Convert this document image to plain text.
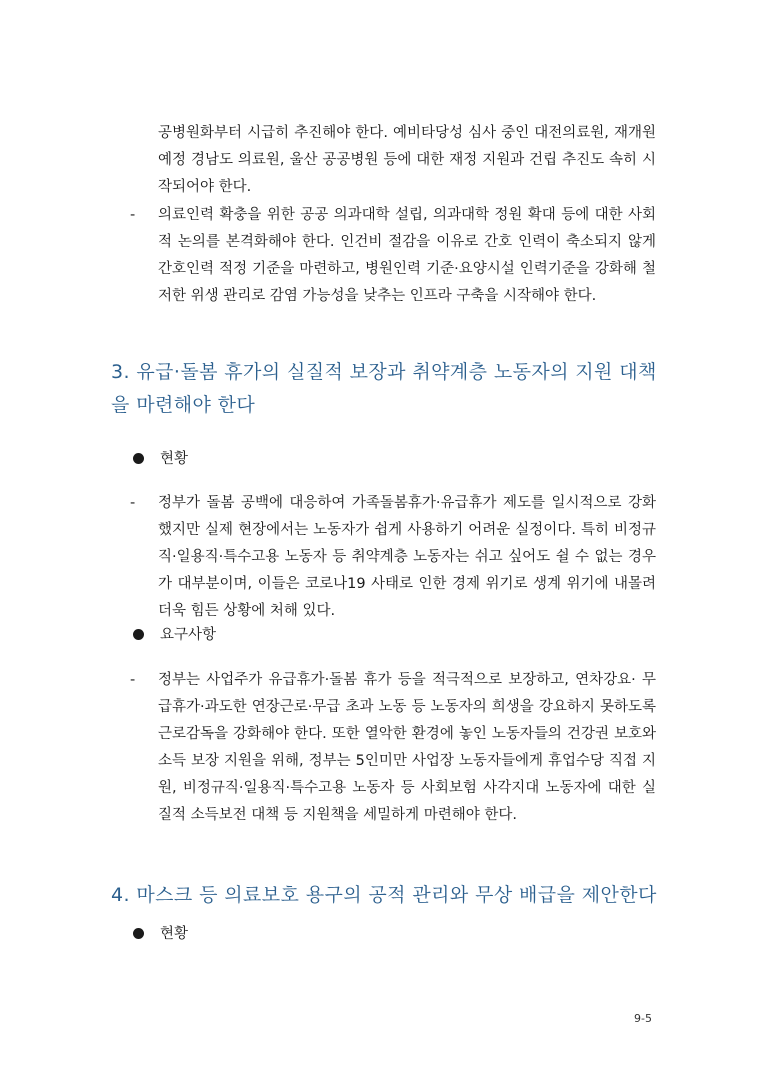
공병원화부터 시급히 추진해야 한다. 예비타당성 심사 중인 대전의료원, 재개원 예정 경남도 의료원, 울산 공공병원 등에 대한 재정 지원과 건립 추진도 속히 시작되어야 한다.
- 의료인력 확충을 위한 공공 의과대학 설립, 의과대학 정원 확대 등에 대한 사회적 논의를 본격화해야 한다. 인건비 절감을 이유로 간호 인력이 축소되지 않게 간호인력 적정 기준을 마련하고, 병원인력 기준·요양시설 인력기준을 강화해 철저한 위생 관리로 감염 가능성을 낮추는 인프라 구축을 시작해야 한다.
3. 유급·돌봄 휴가의 실질적 보장과 취약계층 노동자의 지원 대책을 마련해야 한다
현황
- 정부가 돌봄 공백에 대응하여 가족돌봄휴가·유급휴가 제도를 일시적으로 강화했지만 실제 현장에서는 노동자가 쉽게 사용하기 어려운 실정이다. 특히 비정규직·일용직·특수고용 노동자 등 취약계층 노동자는 쉬고 싶어도 쉴 수 없는 경우가 대부분이며, 이들은 코로나19 사태로 인한 경제 위기로 생계 위기에 내몰려 더욱 힘든 상황에 처해 있다.
요구사항
- 정부는 사업주가 유급휴가·돌봄 휴가 등을 적극적으로 보장하고, 연차강요· 무급휴가·과도한 연장근로·무급 초과 노동 등 노동자의 희생을 강요하지 못하도록 근로감독을 강화해야 한다. 또한 열악한 환경에 놓인 노동자들의 건강권 보호와 소득 보장 지원을 위해, 정부는 5인미만 사업장 노동자들에게 휴업수당 직접 지원, 비정규직·일용직·특수고용 노동자 등 사회보험 사각지대 노동자에 대한 실질적 소득보전 대책 등 지원책을 세밀하게 마련해야 한다.
4. 마스크 등 의료보호 용구의 공적 관리와 무상 배급을 제안한다
현황
9-5
